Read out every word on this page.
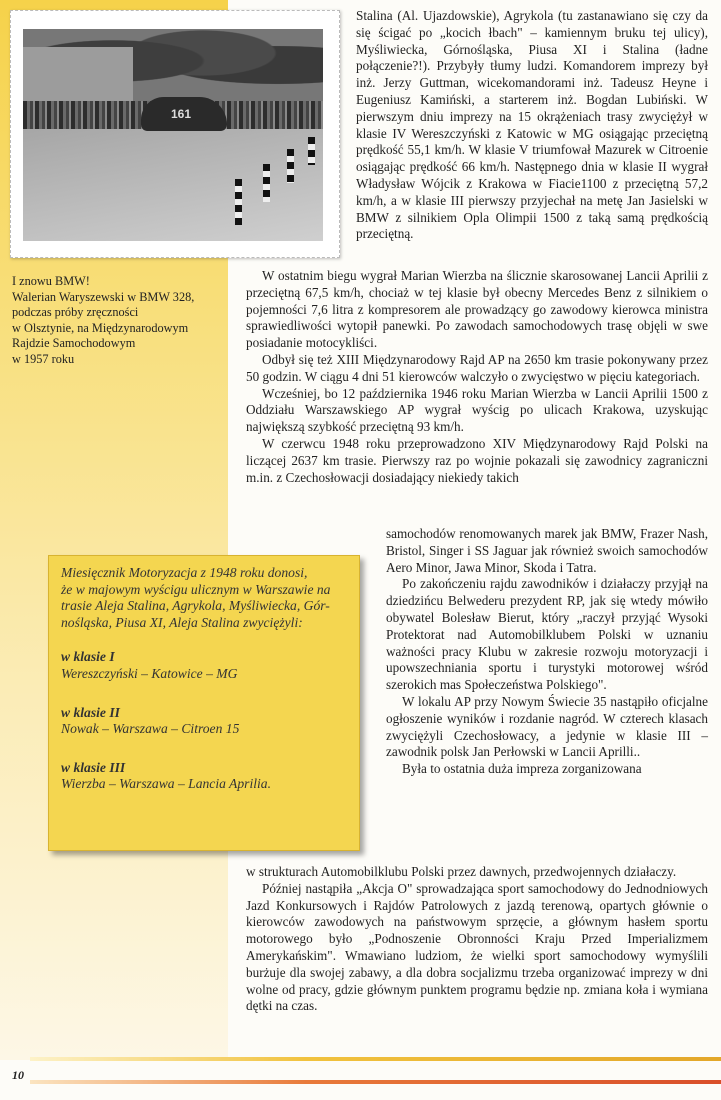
161
I znowu BMW!
Walerian Waryszewski w BMW 328,
podczas próby zręczności
w Olsztynie, na Międzynarodowym
Rajdzie Samochodowym
w 1957 roku

Stalina (Al. Ujazdowskie), Agrykola (tu zastanawiano się czy da się ścigać po „kocich łbach" – kamiennym bruku tej ulicy), Myśliwiecka, Górnośląska, Piusa XI i Stalina (ładne połączenie?!). Przybyły tłumy ludzi. Komandorem imprezy był inż. Jerzy Guttman, wicekomandorami inż. Tadeusz Heyne i Eugeniusz Kamiński, a starterem inż. Bogdan Lubiński. W pierwszym dniu imprezy na 15 okrążeniach trasy zwyciężył w klasie IV Wereszczyński z Katowic w MG osiągając przeciętną prędkość 55,1 km/h. W klasie V triumfował Mazurek w Citroenie osiągając prędkość 66 km/h. Następnego dnia w klasie II wygrał Władysław Wójcik z Krakowa w Fiacie1100 z przeciętną 57,2 km/h, a w klasie III pierwszy przyjechał na metę Jan Jasielski w BMW z silnikiem Opla Olimpii 1500 z taką samą prędkością przeciętną.

W ostatnim biegu wygrał Marian Wierzba na ślicznie skarosowanej Lancii Aprilii z przeciętną 67,5 km/h, chociaż w tej klasie był obecny Mercedes Benz z silnikiem o pojemności 7,6 litra z kompresorem ale prowadzący go zawodowy kierowca ministra sprawiedliwości wytopił panewki. Po zawodach samochodowych trasę objęli w swe posiadanie motocykliści.

Odbył się też XIII Międzynarodowy Rajd AP na 2650 km trasie pokonywany przez 50 godzin. W ciągu 4 dni 51 kierowców walczyło o zwycięstwo w pięciu kategoriach.

Wcześniej, bo 12 października 1946 roku Marian Wierzba w Lancii Aprilii 1500 z Oddziału Warszawskiego AP wygrał wyścig po ulicach Krakowa, uzyskując największą szybkość przeciętną 93 km/h.

W czerwcu 1948 roku przeprowadzono XIV Międzynarodowy Rajd Polski na liczącej 2637 km trasie. Pierwszy raz po wojnie pokazali się zawodnicy zagraniczni m.in. z Czechosłowacji dosiadający niekiedy takich

samochodów renomowanych marek jak BMW, Frazer Nash, Bristol, Singer i SS Jaguar jak również swoich samochodów Aero Minor, Jawa Minor, Skoda i Tatra.

Po zakończeniu rajdu zawodników i działaczy przyjął na dziedzińcu Belwederu prezydent RP, jak się wtedy mówiło obywatel Bolesław Bierut, który „raczył przyjąć Wysoki Protektorat nad Automobilklubem Polski w uznaniu ważności pracy Klubu w zakresie rozwoju motoryzacji i upowszechniania sportu i turystyki motorowej wśród szerokich mas Społeczeństwa Polskiego".

W lokalu AP przy Nowym Świecie 35 nastąpiło oficjalne ogłoszenie wyników i rozdanie nagród. W czterech klasach zwyciężyli Czechosłowacy, a jedynie w klasie III – zawodnik polsk Jan Perłowski w Lancii Aprilli..

Była to ostatnia duża impreza zorganizowana

w strukturach Automobilklubu Polski przez dawnych, przedwojennych działaczy.

Później nastąpiła „Akcja O" sprowadzająca sport samochodowy do Jednodniowych Jazd Konkursowych i Rajdów Patrolowych z jazdą terenową, opartych głównie o kierowców zawodowych na państwowym sprzęcie, a głównym hasłem sportu motorowego było „Podnoszenie Obronności Kraju Przed Imperializmem Amerykańskim". Wmawiano ludziom, że wielki sport samochodowy wymyślili burżuje dla swojej zabawy, a dla dobra socjalizmu trzeba organizować imprezy w dni wolne od pracy, gdzie głównym punktem programu będzie np. zmiana koła i wymiana dętki na czas.

Miesięcznik Motoryzacja z 1948 roku donosi,
że w majowym wyścigu ulicznym w Warszawie na
trasie Aleja Stalina, Agrykola, Myśliwiecka, Gór-
nośląska, Piusa XI, Aleja Stalina zwyciężyli:
w klasie I
Wereszczyński – Katowice – MG
w klasie II
Nowak – Warszawa – Citroen 15
w klasie III
Wierzba – Warszawa – Lancia Aprilia.
10
